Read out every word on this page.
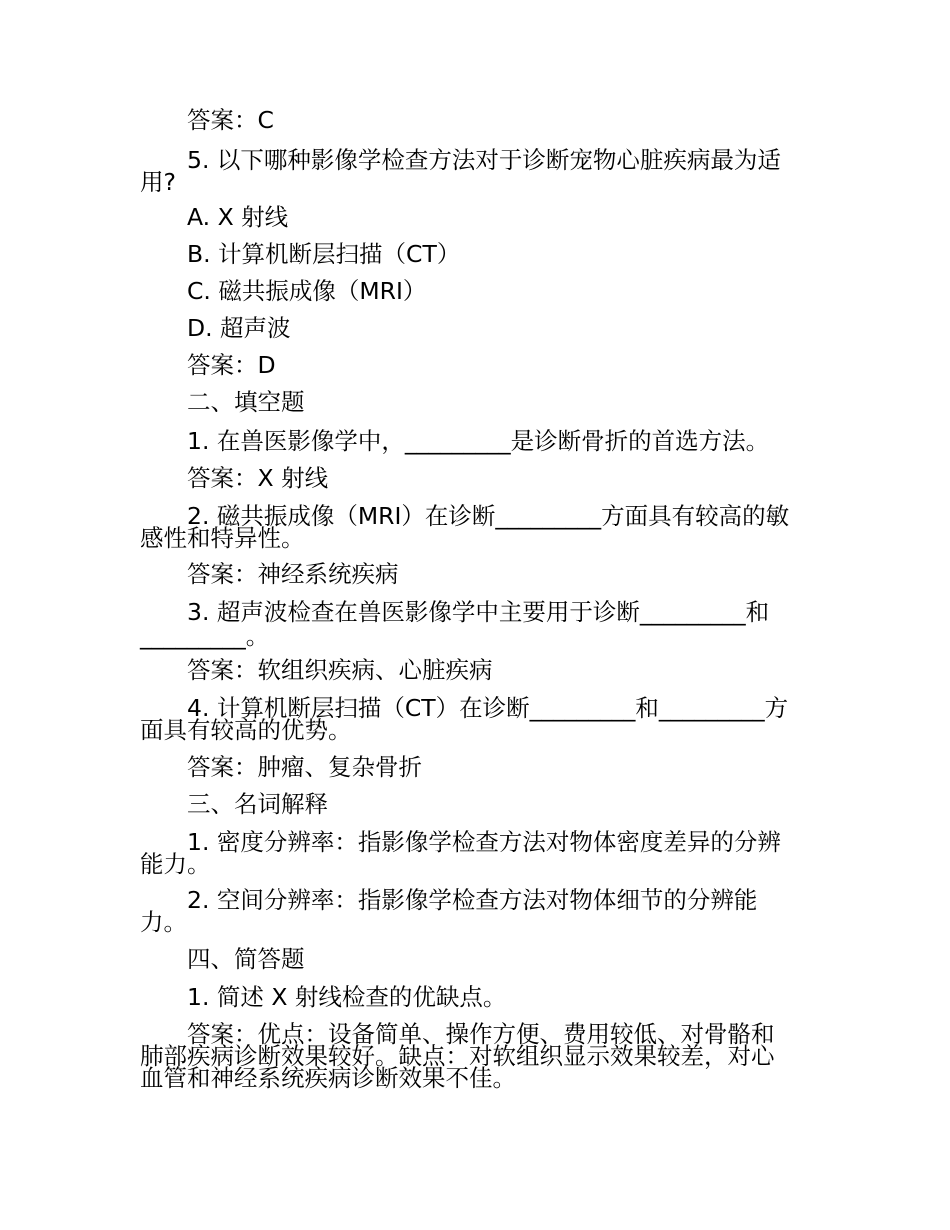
答案：C

5. 以下哪种影像学检查方法对于诊断宠物心脏疾病最为适

用?

A. X 射线

B. 计算机断层扫描（CT）

C. 磁共振成像（MRI）

D. 超声波

答案：D

二、填空题

1. 在兽医影像学中，_________是诊断骨折的首选方法。

答案：X 射线

2. 磁共振成像（MRI）在诊断_________方面具有较高的敏

感性和特异性。

答案：神经系统疾病

3. 超声波检查在兽医影像学中主要用于诊断_________和

_________。

答案：软组织疾病、心脏疾病

4. 计算机断层扫描（CT）在诊断_________和_________方

面具有较高的优势。

答案：肿瘤、复杂骨折

三、名词解释

1. 密度分辨率：指影像学检查方法对物体密度差异的分辨

能力。

2. 空间分辨率：指影像学检查方法对物体细节的分辨能

力。

四、简答题

1. 简述 X 射线检查的优缺点。

答案：优点：设备简单、操作方便、费用较低、对骨骼和

肺部疾病诊断效果较好。缺点：对软组织显示效果较差，对心

血管和神经系统疾病诊断效果不佳。
